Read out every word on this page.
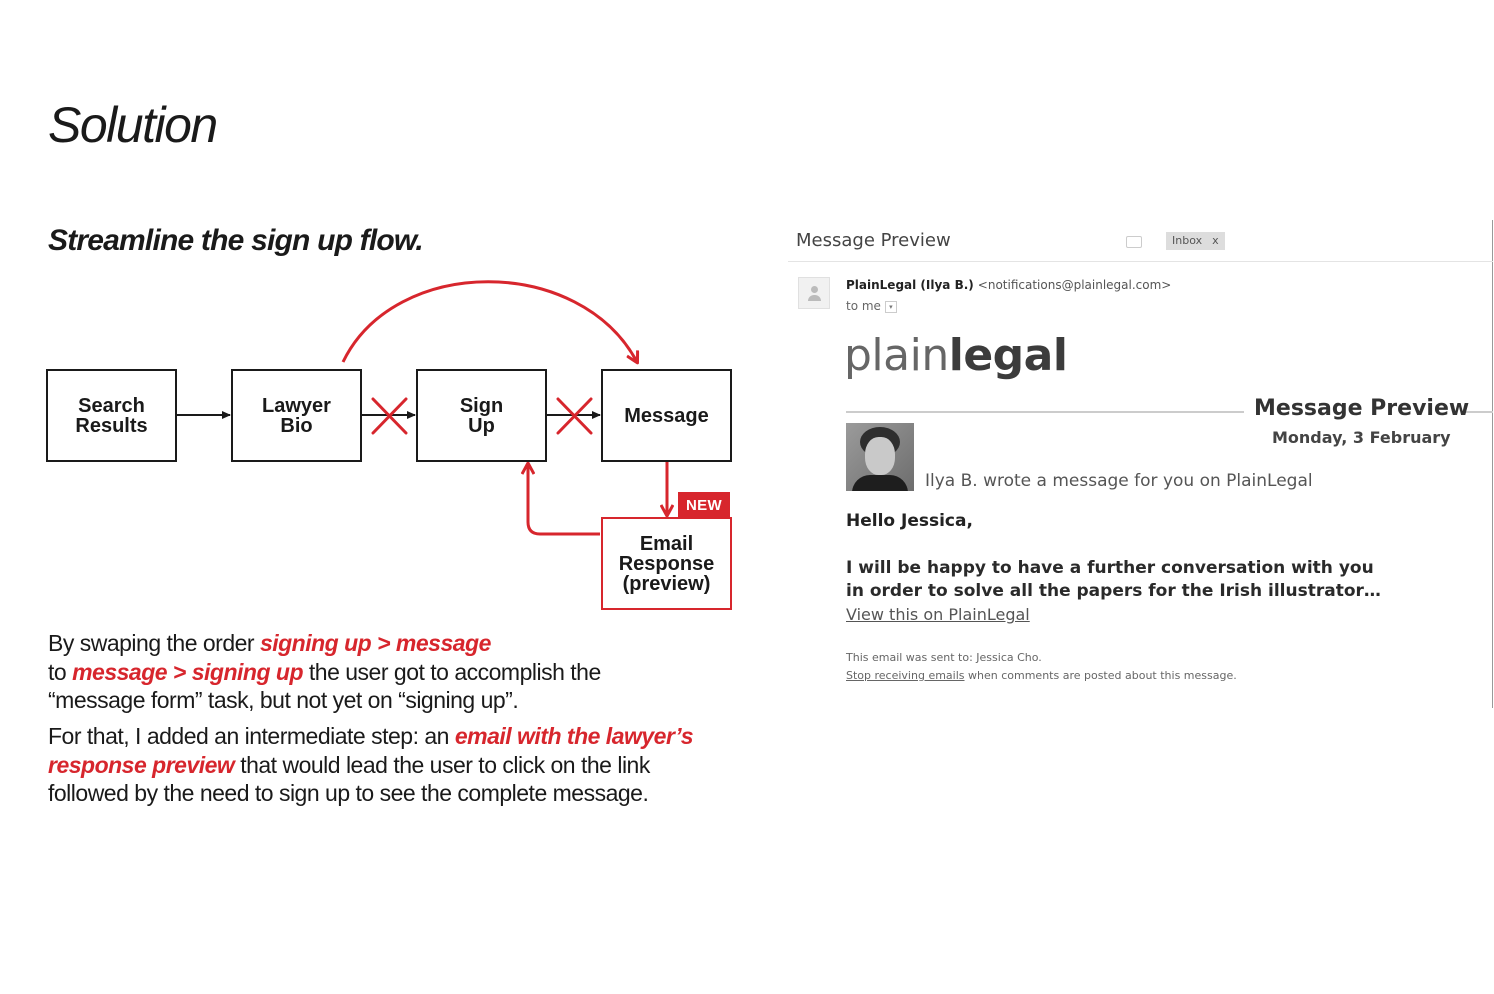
Solution
Streamline the sign up flow.
Search
Results
Lawyer
Bio
Sign
Up	Message
Email
Response
(preview)
NEW
By swaping the order signing up > message
to message > signing up the user got to accomplish the
“message form” task, but not yet on “signing up”.
For that, I added an intermediate step: an email with the lawyer’s
response preview that would lead the user to click on the link
followed by the need to sign up to see the complete message.
Message Preview	Inbox x
PlainLegal (Ilya B.) <notifications@plainlegal.com>
to me ▾
plainlegal
Message Preview
Monday, 3 February
Ilya B. wrote a message for you on PlainLegal
Hello Jessica,
I will be happy to have a further conversation with you
in order to solve all the papers for the Irish illustrator…
View this on PlainLegal
This email was sent to: Jessica Cho.
Stop receiving emails when comments are posted about this message.
